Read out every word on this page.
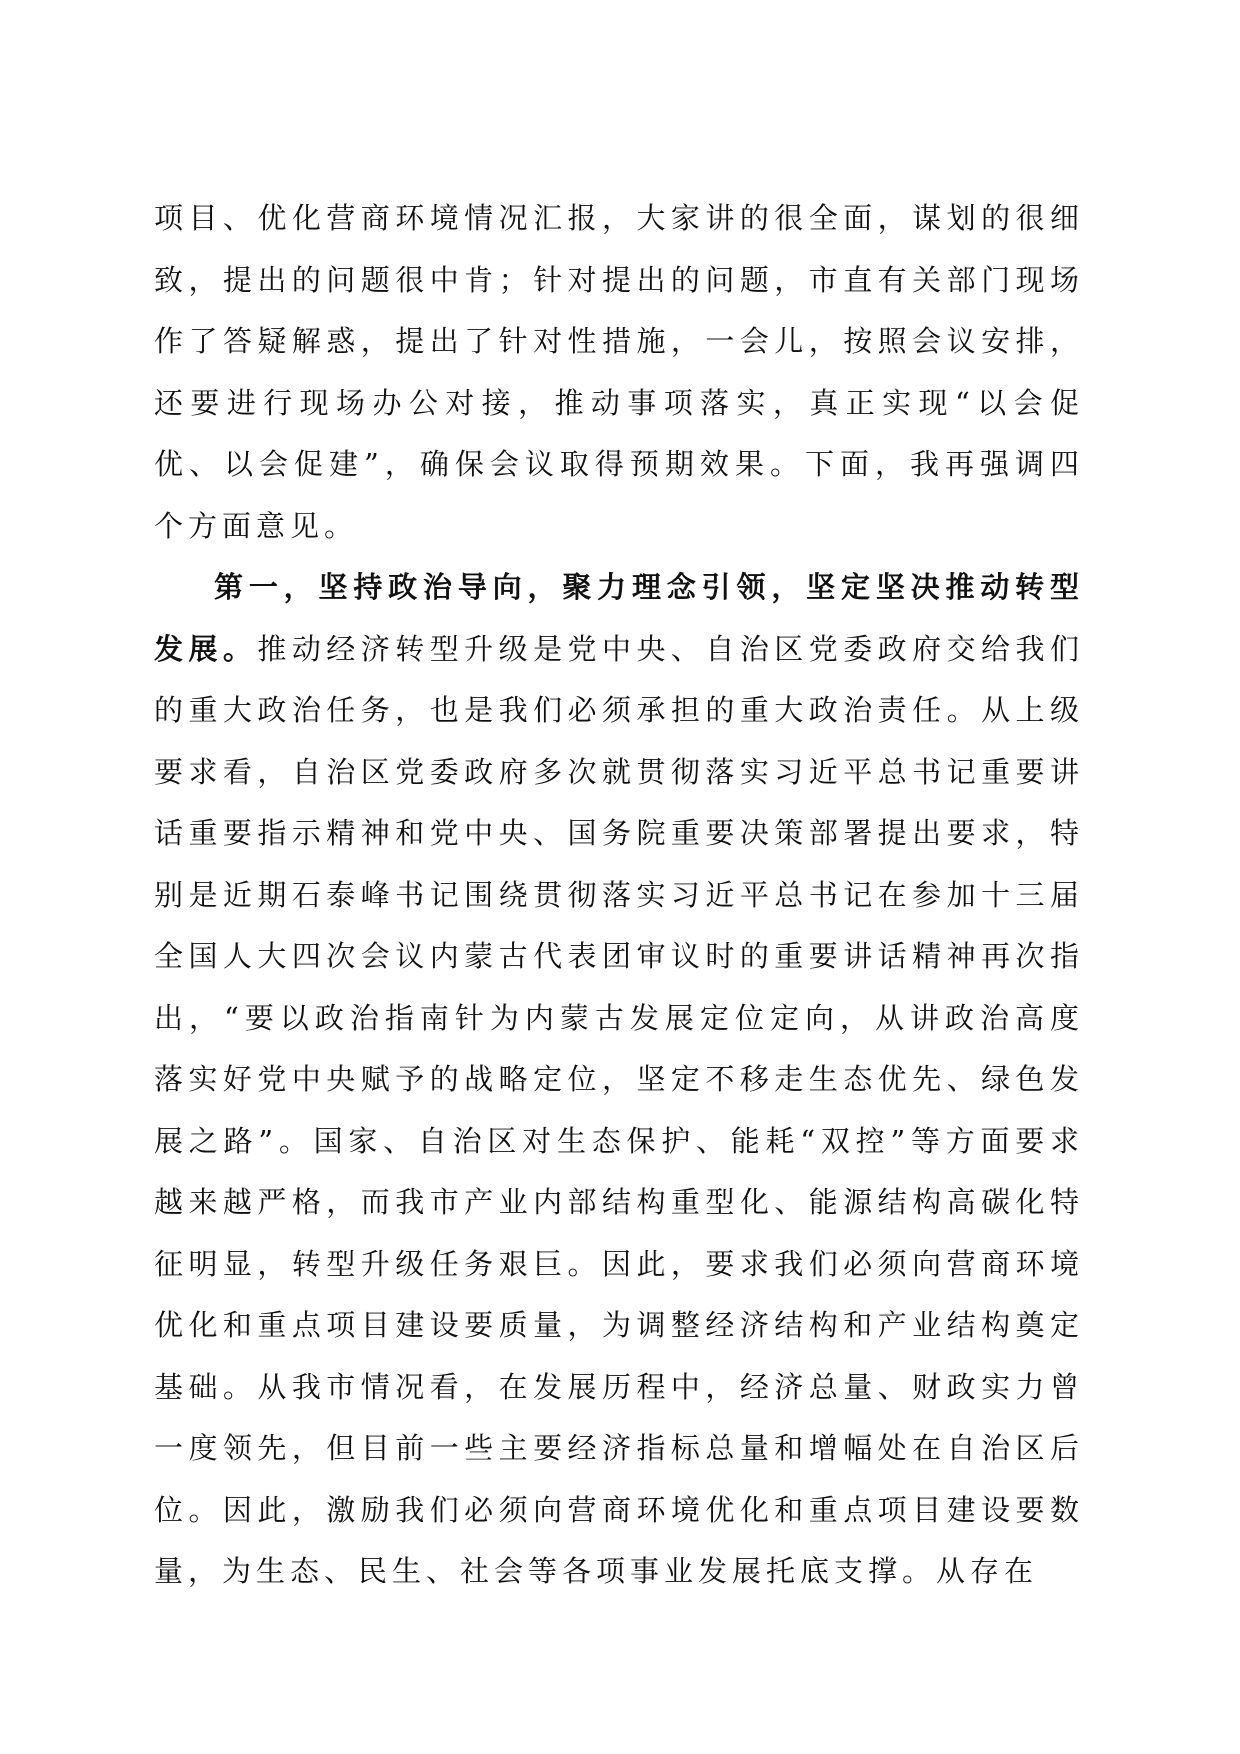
项目、优化营商环境情况汇报，大家讲的很全面，谋划的很细致，提出的问题很中肯；针对提出的问题，市直有关部门现场作了答疑解惑，提出了针对性措施，一会儿，按照会议安排，还要进行现场办公对接，推动事项落实，真正实现“以会促优、以会促建”，确保会议取得预期效果。下面，我再强调四个方面意见。

第一，坚持政治导向，聚力理念引领，坚定坚决推动转型发展。推动经济转型升级是党中央、自治区党委政府交给我们的重大政治任务，也是我们必须承担的重大政治责任。从上级要求看，自治区党委政府多次就贯彻落实习近平总书记重要讲话重要指示精神和党中央、国务院重要决策部署提出要求，特别是近期石泰峰书记围绕贯彻落实习近平总书记在参加十三届全国人大四次会议内蒙古代表团审议时的重要讲话精神再次指出，“要以政治指南针为内蒙古发展定位定向，从讲政治高度落实好党中央赋予的战略定位，坚定不移走生态优先、绿色发展之路”。国家、自治区对生态保护、能耗“双控”等方面要求越来越严格，而我市产业内部结构重型化、能源结构高碳化特征明显，转型升级任务艰巨。因此，要求我们必须向营商环境优化和重点项目建设要质量，为调整经济结构和产业结构奠定基础。从我市情况看，在发展历程中，经济总量、财政实力曾一度领先，但目前一些主要经济指标总量和增幅处在自治区后位。因此，激励我们必须向营商环境优化和重点项目建设要数量，为生态、民生、社会等各项事业发展托底支撑。从存在
